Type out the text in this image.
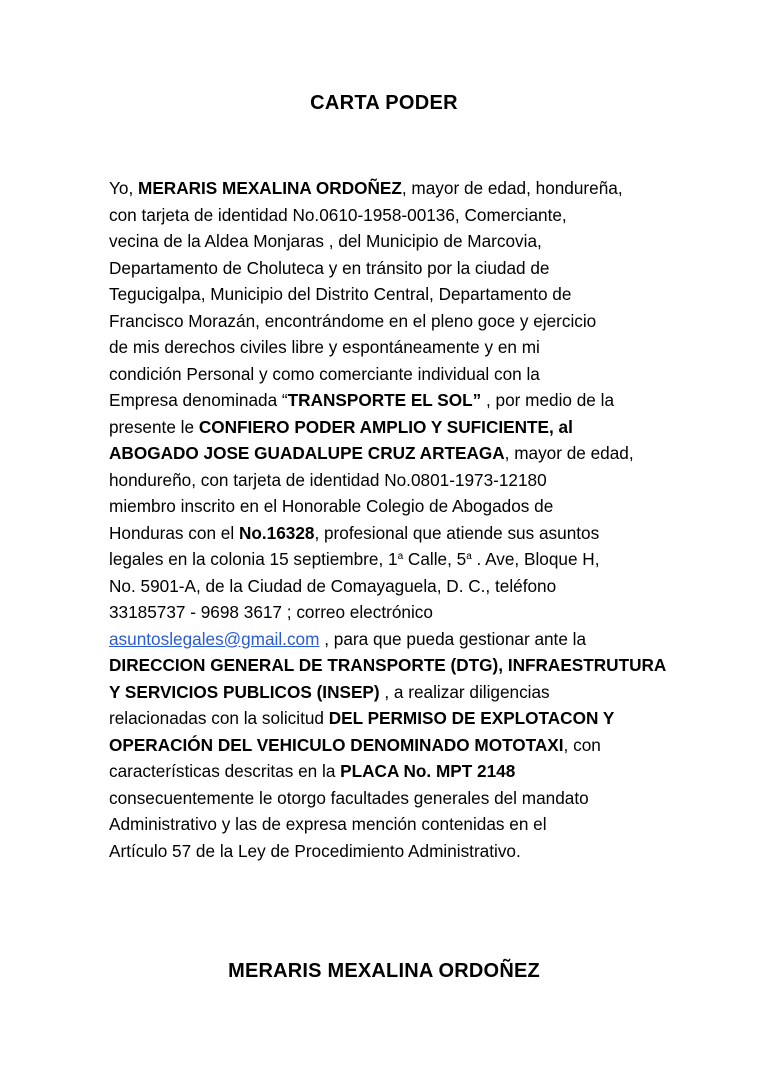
CARTA PODER
Yo, MERARIS MEXALINA ORDOÑEZ, mayor de edad, hondureña,
con tarjeta de identidad No.0610-1958-00136, Comerciante,
vecina de la Aldea Monjaras , del Municipio de Marcovia,
Departamento de Choluteca y en tránsito por la ciudad de
Tegucigalpa, Municipio del Distrito Central, Departamento de
Francisco Morazán, encontrándome en el pleno goce y ejercicio
de mis derechos civiles libre y espontáneamente y en mi
condición Personal y como comerciante individual con la
Empresa denominada “TRANSPORTE EL SOL” , por medio de la
presente le CONFIERO PODER AMPLIO Y SUFICIENTE, al
ABOGADO JOSE GUADALUPE CRUZ ARTEAGA, mayor de edad,
hondureño, con tarjeta de identidad No.0801-1973-12180
miembro inscrito en el Honorable Colegio de Abogados de
Honduras con el No.16328, profesional que atiende sus asuntos
legales en la colonia 15 septiembre, 1$^a$ Calle, 5$^a$ . Ave, Bloque H,
No. 5901-A, de la Ciudad de Comayaguela, D. C., teléfono
33185737 - 9698 3617 ; correo electrónico
asuntoslegales@gmail.com , para que pueda gestionar ante la
DIRECCION GENERAL DE TRANSPORTE (DTG), INFRAESTRUTURA
Y SERVICIOS PUBLICOS (INSEP) , a realizar diligencias
relacionadas con la solicitud DEL PERMISO DE EXPLOTACON Y
OPERACIÓN DEL VEHICULO DENOMINADO MOTOTAXI, con
características descritas en la PLACA No. MPT 2148
consecuentemente le otorgo facultades generales del mandato
Administrativo y las de expresa mención contenidas en el
Artículo 57 de la Ley de Procedimiento Administrativo.
MERARIS MEXALINA ORDOÑEZ
